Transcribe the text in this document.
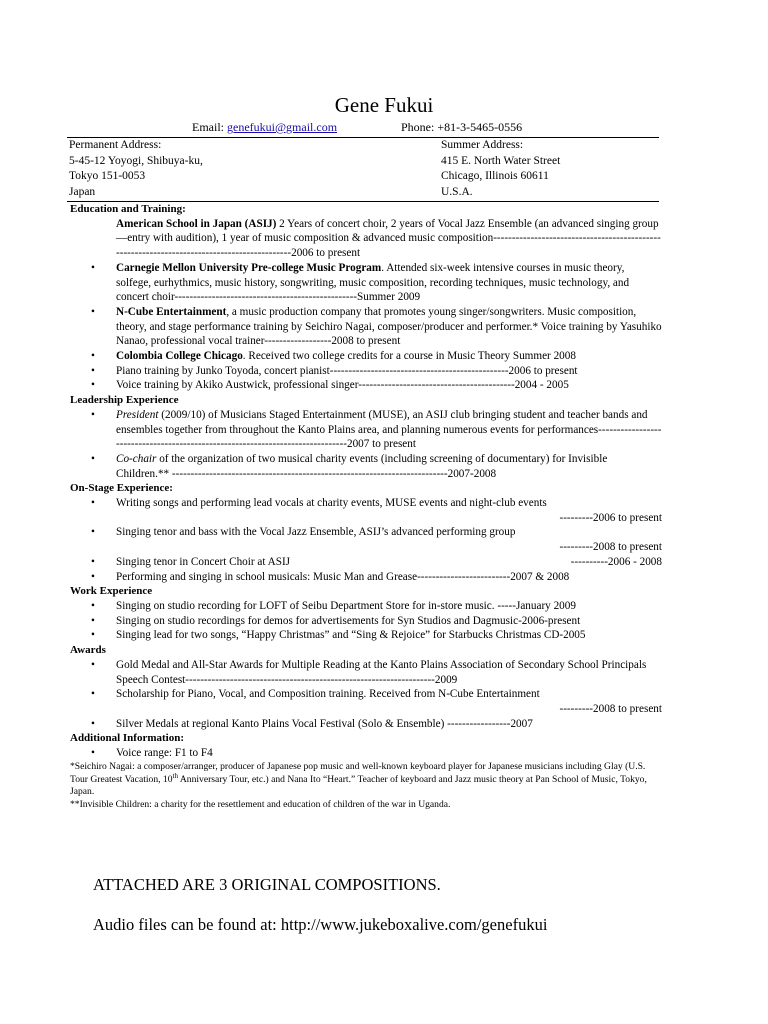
Gene Fukui
Email: genefukui@gmail.com	Phone: +81-3-5465-0556
Permanent Address:
5-45-12 Yoyogi, Shibuya-ku,
Tokyo 151-0053
Japan
Summer Address:
415 E. North Water Street
Chicago, Illinois 60611
U.S.A.
Education and Training:
American School in Japan (ASIJ) 2 Years of concert choir, 2 years of Vocal Jazz Ensemble (an advanced singing group—entry with audition), 1 year of music composition & advanced music composition--------------------------------------------------------------------------------------------2006 to present
• Carnegie Mellon University Pre-college Music Program. Attended six-week intensive courses in music theory, solfege, eurhythmics, music history, songwriting, music composition, recording techniques, music technology, and concert choir-------------------------------------------------Summer 2009
• N-Cube Entertainment, a music production company that promotes young singer/songwriters. Music composition, theory, and stage performance training by Seichiro Nagai, composer/producer and performer.* Voice training by Yasuhiko Nanao, professional vocal trainer------------------2008 to present
• Colombia College Chicago. Received two college credits for a course in Music Theory Summer 2008
• Piano training by Junko Toyoda, concert pianist------------------------------------------------2006 to present
• Voice training by Akiko Austwick, professional singer------------------------------------------2004 - 2005
Leadership Experience
• President (2009/10) of Musicians Staged Entertainment (MUSE), an ASIJ club bringing student and teacher bands and ensembles together from throughout the Kanto Plains area, and planning numerous events for performances-------------------------------------------------------------------------------2007 to present
• Co-chair of the organization of two musical charity events (including screening of documentary) for Invisible Children.** --------------------------------------------------------------------------2007-2008
On-Stage Experience:
• Writing songs and performing lead vocals at charity events, MUSE events and night-club events
---------2006 to present
• Singing tenor and bass with the Vocal Jazz Ensemble, ASIJ’s advanced performing group
---------2008 to present
• Singing tenor in Concert Choir at ASIJ	----------2006 - 2008
• Performing and singing in school musicals: Music Man and Grease-------------------------2007 & 2008
Work Experience
• Singing on studio recording for LOFT of Seibu Department Store for in-store music. -----January 2009
• Singing on studio recordings for demos for advertisements for Syn Studios and Dagmusic-2006-present
• Singing lead for two songs, “Happy Christmas” and “Sing & Rejoice” for Starbucks Christmas CD-2005
Awards
• Gold Medal and All-Star Awards for Multiple Reading at the Kanto Plains Association of Secondary School Principals Speech Contest-------------------------------------------------------------------2009
• Scholarship for Piano, Vocal, and Composition training. Received from N-Cube Entertainment
---------2008 to present
• Silver Medals at regional Kanto Plains Vocal Festival (Solo & Ensemble) -----------------2007
Additional Information:
• Voice range: F1 to F4
*Seichiro Nagai: a composer/arranger, producer of Japanese pop music and well-known keyboard player for Japanese musicians including Glay (U.S. Tour Greatest Vacation, 10th Anniversary Tour, etc.) and Nana Ito “Heart.” Teacher of keyboard and Jazz music theory at Pan School of Music, Tokyo, Japan.
**Invisible Children: a charity for the resettlement and education of children of the war in Uganda.
ATTACHED ARE 3 ORIGINAL COMPOSITIONS.
Audio files can be found at: http://www.jukeboxalive.com/genefukui
